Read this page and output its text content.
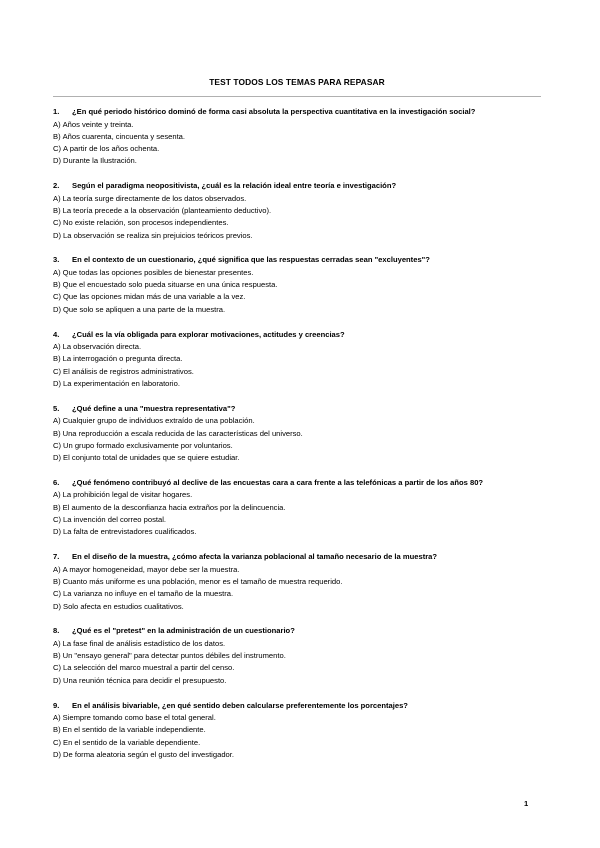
TEST TODOS LOS TEMAS PARA REPASAR
1. ¿En qué periodo histórico dominó de forma casi absoluta la perspectiva cuantitativa en la investigación social?
A) Años veinte y treinta.
B) Años cuarenta, cincuenta y sesenta.
C) A partir de los años ochenta.
D) Durante la Ilustración.
2. Según el paradigma neopositivista, ¿cuál es la relación ideal entre teoría e investigación?
A) La teoría surge directamente de los datos observados.
B) La teoría precede a la observación (planteamiento deductivo).
C) No existe relación, son procesos independientes.
D) La observación se realiza sin prejuicios teóricos previos.
3. En el contexto de un cuestionario, ¿qué significa que las respuestas cerradas sean "excluyentes"?
A) Que todas las opciones posibles de bienestar presentes.
B) Que el encuestado solo pueda situarse en una única respuesta.
C) Que las opciones midan más de una variable a la vez.
D) Que solo se apliquen a una parte de la muestra.
4. ¿Cuál es la vía obligada para explorar motivaciones, actitudes y creencias?
A) La observación directa.
B) La interrogación o pregunta directa.
C) El análisis de registros administrativos.
D) La experimentación en laboratorio.
5. ¿Qué define a una "muestra representativa"?
A) Cualquier grupo de individuos extraído de una población.
B) Una reproducción a escala reducida de las características del universo.
C) Un grupo formado exclusivamente por voluntarios.
D) El conjunto total de unidades que se quiere estudiar.
6. ¿Qué fenómeno contribuyó al declive de las encuestas cara a cara frente a las telefónicas a partir de los años 80?
A) La prohibición legal de visitar hogares.
B) El aumento de la desconfianza hacia extraños por la delincuencia.
C) La invención del correo postal.
D) La falta de entrevistadores cualificados.
7. En el diseño de la muestra, ¿cómo afecta la varianza poblacional al tamaño necesario de la muestra?
A) A mayor homogeneidad, mayor debe ser la muestra.
B) Cuanto más uniforme es una población, menor es el tamaño de muestra requerido.
C) La varianza no influye en el tamaño de la muestra.
D) Solo afecta en estudios cualitativos.
8. ¿Qué es el "pretest" en la administración de un cuestionario?
A) La fase final de análisis estadístico de los datos.
B) Un "ensayo general" para detectar puntos débiles del instrumento.
C) La selección del marco muestral a partir del censo.
D) Una reunión técnica para decidir el presupuesto.
9. En el análisis bivariable, ¿en qué sentido deben calcularse preferentemente los porcentajes?
A) Siempre tomando como base el total general.
B) En el sentido de la variable independiente.
C) En el sentido de la variable dependiente.
D) De forma aleatoria según el gusto del investigador.
1
